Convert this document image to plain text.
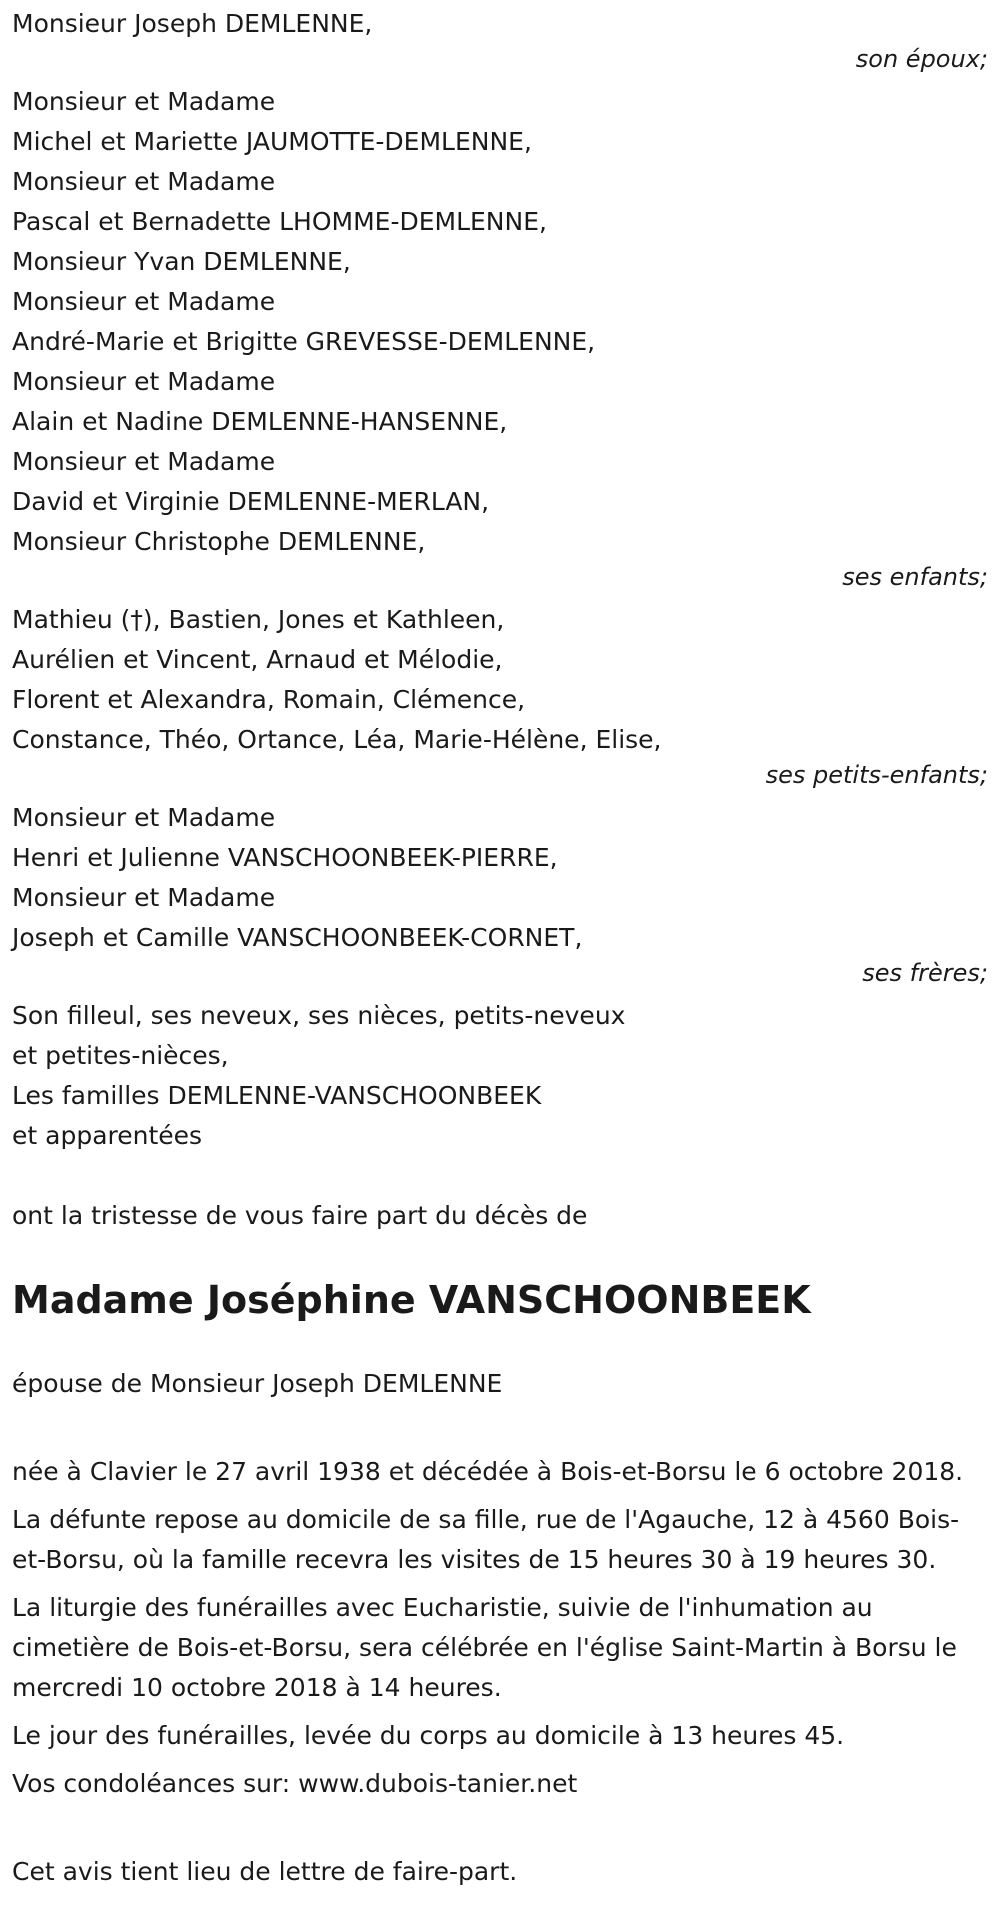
Monsieur Joseph DEMLENNE,
son époux;
Monsieur et Madame
Michel et Mariette JAUMOTTE-DEMLENNE,
Monsieur et Madame
Pascal et Bernadette LHOMME-DEMLENNE,
Monsieur Yvan DEMLENNE,
Monsieur et Madame
André-Marie et Brigitte GREVESSE-DEMLENNE,
Monsieur et Madame
Alain et Nadine DEMLENNE-HANSENNE,
Monsieur et Madame
David et Virginie DEMLENNE-MERLAN,
Monsieur Christophe DEMLENNE,
ses enfants;
Mathieu (†), Bastien, Jones et Kathleen,
Aurélien et Vincent, Arnaud et Mélodie,
Florent et Alexandra, Romain, Clémence,
Constance, Théo, Ortance, Léa, Marie-Hélène, Elise,
ses petits-enfants;
Monsieur et Madame
Henri et Julienne VANSCHOONBEEK-PIERRE,
Monsieur et Madame
Joseph et Camille VANSCHOONBEEK-CORNET,
ses frères;
Son filleul, ses neveux, ses nièces, petits-neveux
et petites-nièces,
Les familles DEMLENNE-VANSCHOONBEEK
et apparentées

ont la tristesse de vous faire part du décès de

Madame Joséphine VANSCHOONBEEK

épouse de Monsieur Joseph DEMLENNE

née à Clavier le 27 avril 1938 et décédée à Bois-et-Borsu le 6 octobre 2018.

La défunte repose au domicile de sa fille, rue de l'Agauche, 12 à 4560 Bois-et-Borsu, où la famille recevra les visites de 15 heures 30 à 19 heures 30.

La liturgie des funérailles avec Eucharistie, suivie de l'inhumation au cimetière de Bois-et-Borsu, sera célébrée en l'église Saint-Martin à Borsu le mercredi 10 octobre 2018 à 14 heures.

Le jour des funérailles, levée du corps au domicile à 13 heures 45.

Vos condoléances sur: www.dubois-tanier.net

Cet avis tient lieu de lettre de faire-part.
